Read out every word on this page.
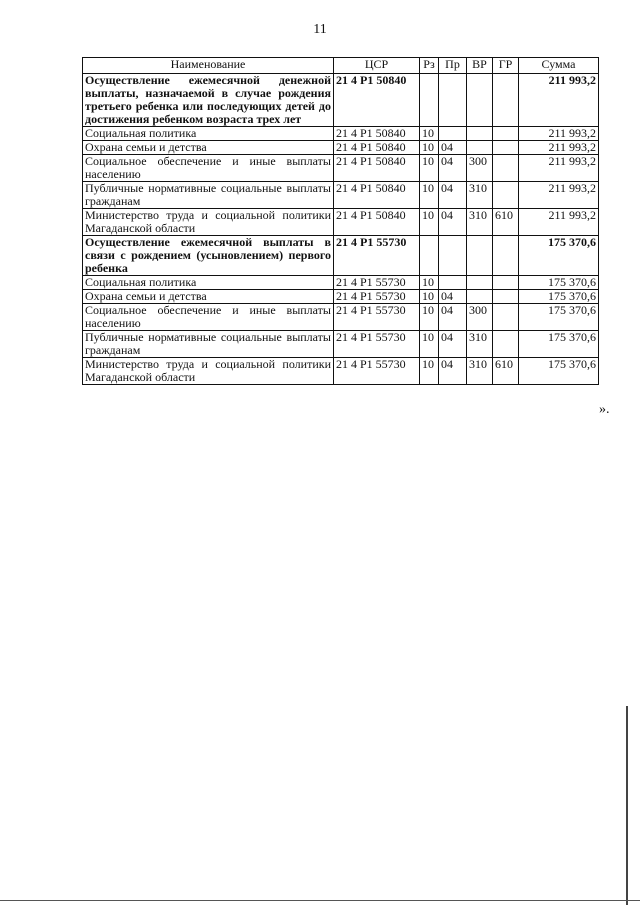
11
Наименование	ЦСР	Рз	Пр	ВР	ГР	Сумма
Осуществление ежемесячной денежной выплаты, назначаемой в случае рождения третьего ребенка или последующих детей до достижения ребенком возраста трех лет	21 4 P1 50840					211 993,2
Социальная политика	21 4 P1 50840	10				211 993,2
Охрана семьи и детства	21 4 P1 50840	10	04			211 993,2
Социальное обеспечение и иные выплаты населению	21 4 P1 50840	10	04	300		211 993,2
Публичные нормативные социальные выплаты гражданам	21 4 P1 50840	10	04	310		211 993,2
Министерство труда и социальной политики Магаданской области	21 4 P1 50840	10	04	310	610	211 993,2
Осуществление ежемесячной выплаты в связи с рождением (усыновлением) первого ребенка	21 4 P1 55730					175 370,6
Социальная политика	21 4 P1 55730	10				175 370,6
Охрана семьи и детства	21 4 P1 55730	10	04			175 370,6
Социальное обеспечение и иные выплаты населению	21 4 P1 55730	10	04	300		175 370,6
Публичные нормативные социальные выплаты гражданам	21 4 P1 55730	10	04	310		175 370,6
Министерство труда и социальной политики Магаданской области	21 4 P1 55730	10	04	310	610	175 370,6
».
